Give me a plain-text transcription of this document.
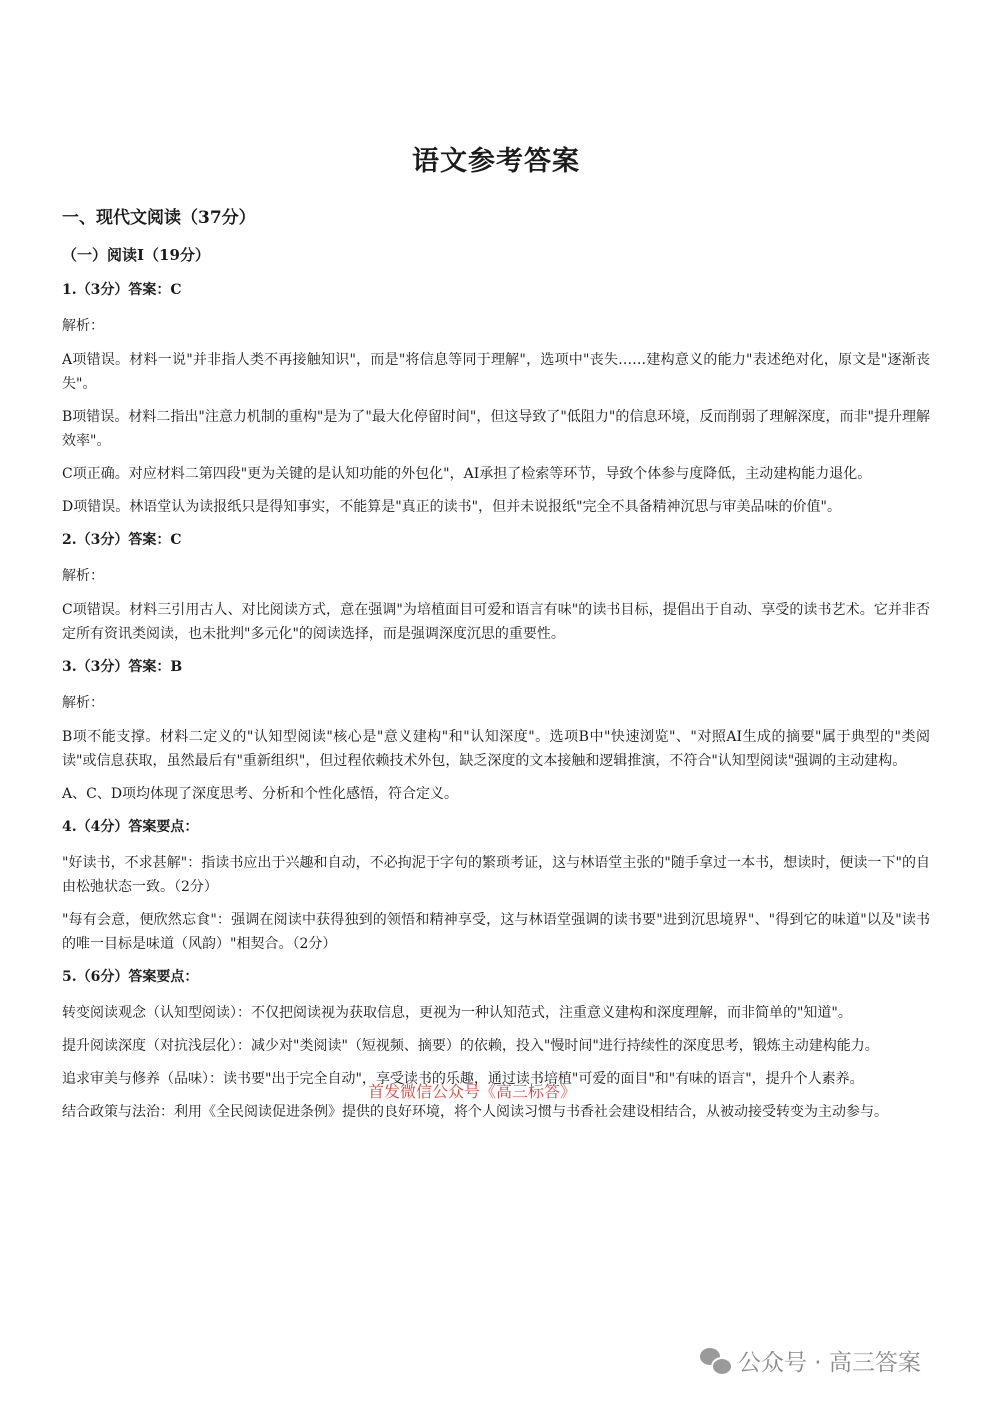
语文参考答案
一、现代文阅读（37分）
（一）阅读Ⅰ（19分）
1.（3分）答案：C
解析：

A项错误。材料一说"并非指人类不再接触知识"，而是"将信息等同于理解"，选项中"丧失……建构意义的能力"表述绝对化，原文是"逐渐丧失"。

B项错误。材料二指出"注意力机制的重构"是为了"最大化停留时间"，但这导致了"低阻力"的信息环境，反而削弱了理解深度，而非"提升理解效率"。

C项正确。对应材料二第四段"更为关键的是认知功能的外包化"，AI承担了检索等环节，导致个体参与度降低，主动建构能力退化。

D项错误。林语堂认为读报纸只是得知事实，不能算是"真正的读书"，但并未说报纸"完全不具备精神沉思与审美品味的价值"。

2.（3分）答案：C
解析：

C项错误。材料三引用古人、对比阅读方式，意在强调"为培植面目可爱和语言有味"的读书目标，提倡出于自动、享受的读书艺术。它并非否定所有资讯类阅读，也未批判"多元化"的阅读选择，而是强调深度沉思的重要性。

3.（3分）答案：B
解析：

B项不能支撑。材料二定义的"认知型阅读"核心是"意义建构"和"认知深度"。选项B中"快速浏览"、"对照AI生成的摘要"属于典型的"类阅读"或信息获取，虽然最后有"重新组织"，但过程依赖技术外包，缺乏深度的文本接触和逻辑推演，不符合"认知型阅读"强调的主动建构。

A、C、D项均体现了深度思考、分析和个性化感悟，符合定义。

4.（4分）答案要点：

"好读书，不求甚解"：指读书应出于兴趣和自动，不必拘泥于字句的繁琐考证，这与林语堂主张的"随手拿过一本书，想读时，便读一下"的自由松弛状态一致。（2分）

"每有会意，便欣然忘食"：强调在阅读中获得独到的领悟和精神享受，这与林语堂强调的读书要"进到沉思境界"、"得到它的味道"以及"读书的唯一目标是味道（风韵）"相契合。（2分）

5.（6分）答案要点：

转变阅读观念（认知型阅读）：不仅把阅读视为获取信息，更视为一种认知范式，注重意义建构和深度理解，而非简单的"知道"。

提升阅读深度（对抗浅层化）：减少对"类阅读"（短视频、摘要）的依赖，投入"慢时间"进行持续性的深度思考，锻炼主动建构能力。

追求审美与修养（品味）：读书要"出于完全自动"，享受读书的乐趣，通过读书培植"可爱的面目"和"有味的语言"，提升个人素养。

结合政策与法治：利用《全民阅读促进条例》提供的良好环境，将个人阅读习惯与书香社会建设相结合，从被动接受转变为主动参与。

首发微信公众号《高三标答》
公众号 · 高三答案
